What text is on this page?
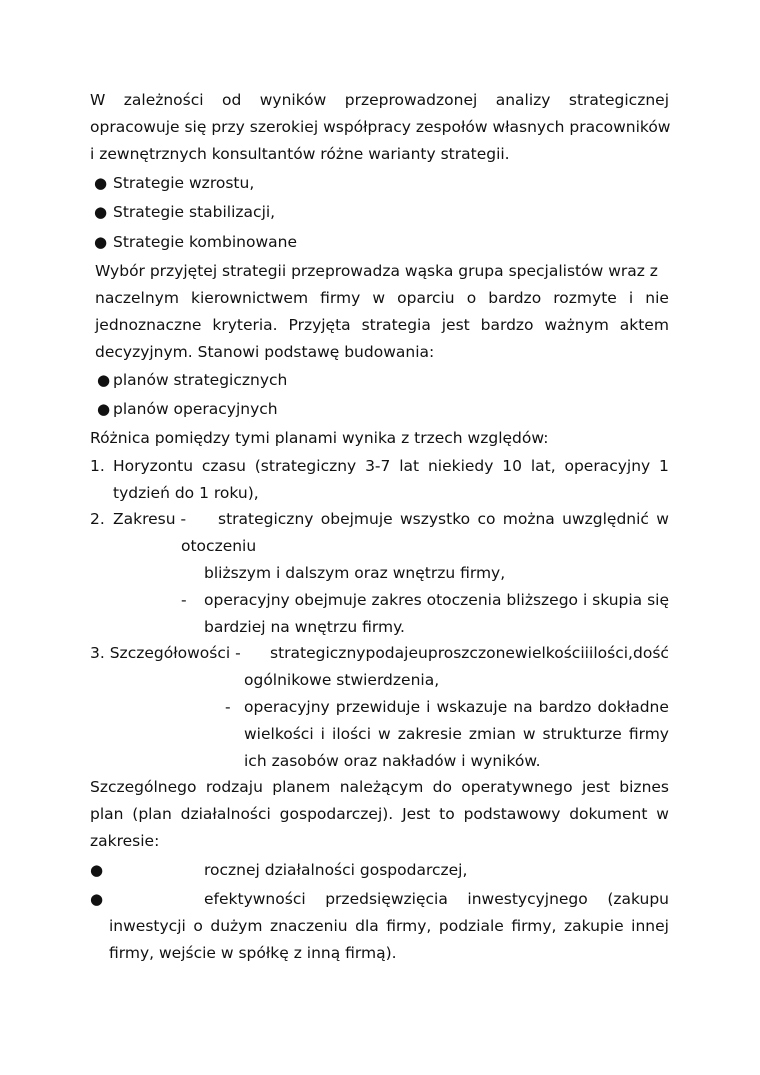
W zależności od wyników przeprowadzonej analizy strategicznej
opracowuje się przy szerokiej współpracy zespołów własnych pracowników
i zewnętrznych konsultantów różne warianty strategii.
● Strategie wzrostu,
● Strategie stabilizacji,
● Strategie kombinowane
Wybór przyjętej strategii przeprowadza wąska grupa specjalistów wraz z
naczelnym kierownictwem firmy w oparciu o bardzo rozmyte i nie
jednoznaczne kryteria. Przyjęta strategia jest bardzo ważnym aktem
decyzyjnym. Stanowi podstawę budowania:
● planów strategicznych
● planów operacyjnych
Różnica pomiędzy tymi planami wynika z trzech względów:
1. Horyzontu czasu (strategiczny 3-7 lat niekiedy 10 lat, operacyjny 1
tydzień do 1 roku),
2. Zakresu - strategiczny obejmuje wszystko co można uwzględnić w
otoczeniu
bliższym i dalszym oraz wnętrzu firmy,
- operacyjny obejmuje zakres otoczenia bliższego i skupia się
bardziej na wnętrzu firmy.
3. Szczegółowości - strategiczny podaje uproszczone wielkości i ilości, dość
ogólnikowe stwierdzenia,
- operacyjny przewiduje i wskazuje na bardzo dokładne
wielkości i ilości w zakresie zmian w strukturze firmy
ich zasobów oraz nakładów i wyników.
Szczególnego rodzaju planem należącym do operatywnego jest biznes
plan (plan działalności gospodarczej). Jest to podstawowy dokument w
zakresie:
●	rocznej działalności gospodarczej,
●	efektywności przedsięwzięcia inwestycyjnego (zakupu
inwestycji o dużym znaczeniu dla firmy, podziale firmy, zakupie innej
firmy, wejście w spółkę z inną firmą).
